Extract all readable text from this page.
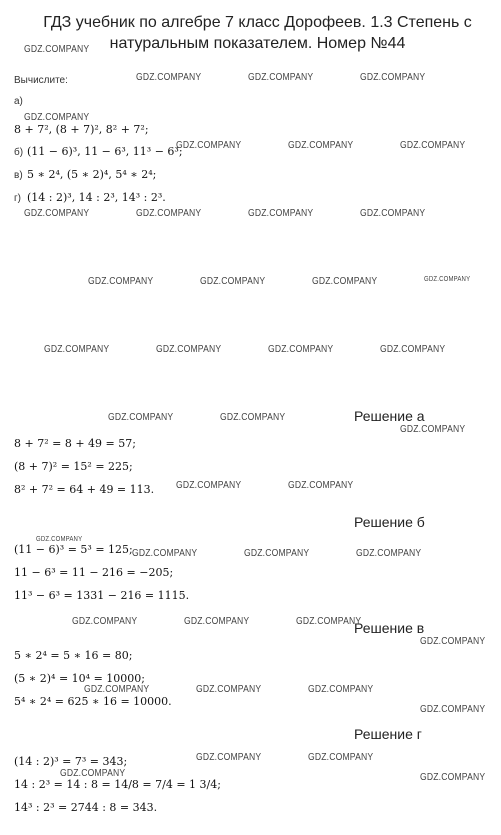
ГДЗ учебник по алгебре 7 класс Дорофеев. 1.3 Степень с
натуральным показателем. Номер №44
Вычислите:
а)
8 + 7², (8 + 7)², 8² + 7²;
б) (11 − 6)³, 11 − 6³, 11³ − 6³;
в) 5 ∗ 2⁴, (5 ∗ 2)⁴, 5⁴ ∗ 2⁴;
г) (14 : 2)³, 14 : 2³, 14³ : 2³.
Решение а
8 + 7² = 8 + 49 = 57;
(8 + 7)² = 15² = 225;
8² + 7² = 64 + 49 = 113.
Решение б
(11 − 6)³ = 5³ = 125;
11 − 6³ = 11 − 216 = −205;
11³ − 6³ = 1331 − 216 = 1115.
Решение в
5 ∗ 2⁴ = 5 ∗ 16 = 80;
(5 ∗ 2)⁴ = 10⁴ = 10000;
5⁴ ∗ 2⁴ = 625 ∗ 16 = 10000.
Решение г
(14 : 2)³ = 7³ = 343;
14 : 2³ = 14 : 8 = 14/8 = 7/4 = 1 3/4;
14³ : 2³ = 2744 : 8 = 343.
GDZ.COMPANY
GDZ.COMPANY	GDZ.COMPANY	GDZ.COMPANY
GDZ.COMPANY
GDZ.COMPANY	GDZ.COMPANY	GDZ.COMPANY
GDZ.COMPANY	GDZ.COMPANY	GDZ.COMPANY	GDZ.COMPANY
GDZ.COMPANY	GDZ.COMPANY	GDZ.COMPANY	GDZ.COMPANY
GDZ.COMPANY	GDZ.COMPANY	GDZ.COMPANY	GDZ.COMPANY
GDZ.COMPANY	GDZ.COMPANY
GDZ.COMPANY
GDZ.COMPANY	GDZ.COMPANY
GDZ.COMPANY
GDZ.COMPANY	GDZ.COMPANY	GDZ.COMPANY
GDZ.COMPANY	GDZ.COMPANY	GDZ.COMPANY
GDZ.COMPANY
GDZ.COMPANY	GDZ.COMPANY	GDZ.COMPANY
GDZ.COMPANY
GDZ.COMPANY	GDZ.COMPANY
GDZ.COMPANY	GDZ.COMPANY
